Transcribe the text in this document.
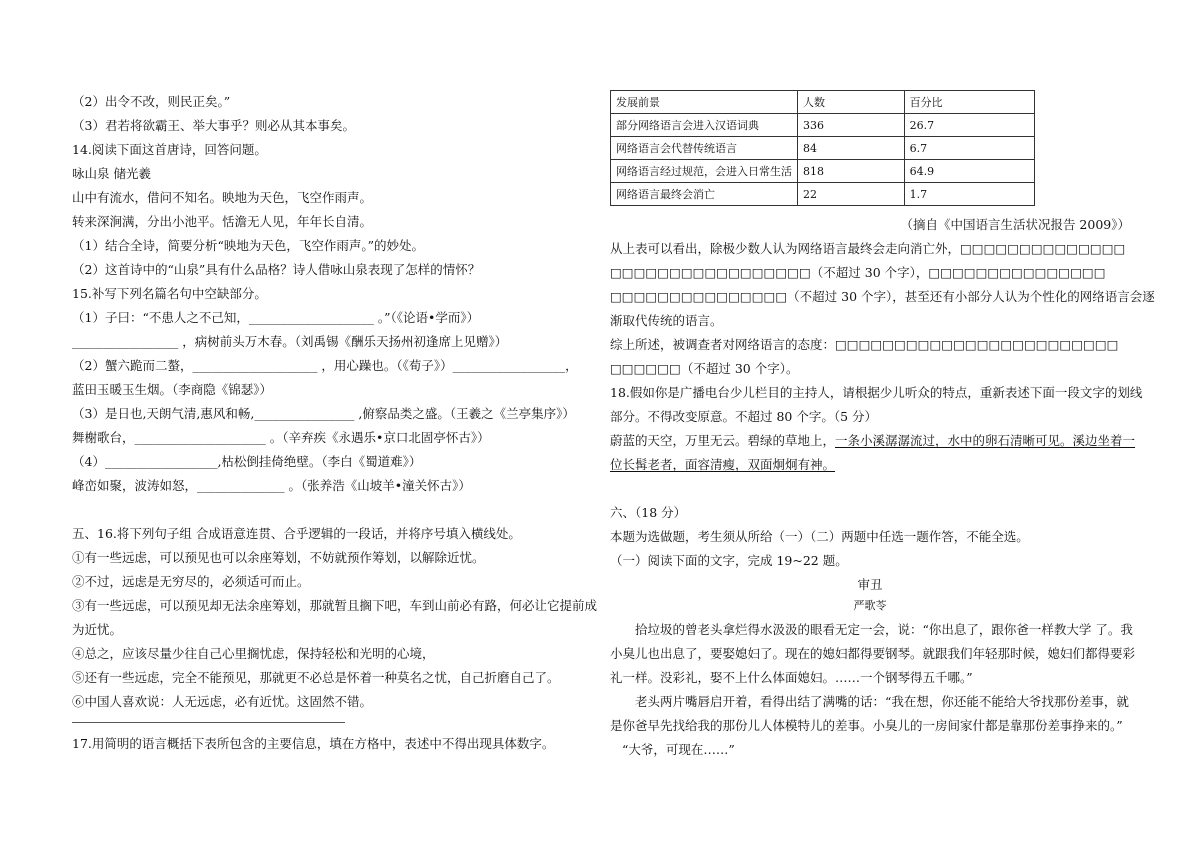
（2）出令不改，则民正矣。”
（3）君若将欲霸王、举大事乎？则必从其本事矣。
14.阅读下面这首唐诗，回答问题。
咏山泉 储光羲
山中有流水，借问不知名。映地为天色，飞空作雨声。
转来深涧满，分出小池平。恬澹无人见，年年长自清。
（1）结合全诗，简要分析“映地为天色，飞空作雨声。”的妙处。
（2）这首诗中的“山泉”具有什么品格？诗人借咏山泉表现了怎样的情怀？
15.补写下列名篇名句中空缺部分。
（1）子曰：“不患人之不己知，____________________ 。”（《论语•学而》）
_________________ ，病树前头万木春。（刘禹锡《酬乐天扬州初逢席上见赠》）
（2）蟹六跪而二螯，____________________ ，用心躁也。（《荀子》）__________________，
蓝田玉暖玉生烟。（李商隐《锦瑟》）
（3）是日也,天朗气清,惠风和畅,________________ ,俯察品类之盛。（王羲之《兰亭集序》）
舞榭歌台，_____________________ 。（辛弃疾《永遇乐•京口北固亭怀古》）
（4）__________________,枯松倒挂倚绝壁。（李白《蜀道难》）
峰峦如聚，波涛如怒，______________ 。（张养浩《山坡羊•潼关怀古》）
五、16.将下列句子组 合成语意连贯、合乎逻辑的一段话，并将序号填入横线处。
①有一些远虑，可以预见也可以余座筹划，不妨就预作筹划，以解除近忧。
②不过，远虑是无穷尽的，必须适可而止。
③有一些远虑，可以预见却无法余座筹划，那就暂且搁下吧，车到山前必有路，何必让它提前成
为近忧。
④总之，应该尽量少往自己心里搁忧虑，保持轻松和光明的心境，
⑤还有一些远虑，完全不能预见，那就更不必总是怀着一种莫名之忧，自己折磨自己了。
⑥中国人喜欢说：人无远虑，必有近忧。这固然不错。
17.用简明的语言概括下表所包含的主要信息，填在方格中，表述中不得出现具体数字。
发展前景	人数	百分比
部分网络语言会进入汉语词典	336	26.7
网络语言会代替传统语言	84	6.7
网络语言经过规范，会进入日常生活	818	64.9
网络语言最终会消亡	22	1.7
（摘自《中国语言生活状况报告 2009》）
从上表可以看出，除极少数人认为网络语言最终会走向消亡外，□□□□□□□□□□□□□□
□□□□□□□□□□□□□□□□□（不超过 30 个字），□□□□□□□□□□□□□□□
□□□□□□□□□□□□□□□（不超过 30 个字），甚至还有小部分人认为个性化的网络语言会逐
渐取代传统的语言。
综上所述，被调查者对网络语言的态度：□□□□□□□□□□□□□□□□□□□□□□□□
□□□□□□（不超过 30 个字）。
18.假如你是广播电台少儿栏目的主持人，请根据少儿听众的特点，重新表述下面一段文字的划线
部分。不得改变原意。不超过 80 个字。（5 分）
蔚蓝的天空，万里无云。碧绿的草地上，一条小溪潺潺流过，水中的卵石清晰可见。溪边坐着一
位长髯老者，面容清瘦，双面炯炯有神。
六、（18 分）
本题为选做题，考生须从所给（一）（二）两题中任选一题作答，不能全选。
（一）阅读下面的文字，完成 19~22 题。
审丑
严歌苓
拾垃圾的曾老头拿烂得水汲汲的眼看无定一会，说：“你出息了，跟你爸一样教大学 了。我
小臭儿也出息了，要娶媳妇了。现在的媳妇都得要钢琴。就跟我们年轻那时候，媳妇们都得要彩
礼一样。没彩礼，娶不上什么体面媳妇。……一个钢琴得五千哪。”
老头两片嘴唇启开着，看得出结了满嘴的话：“我在想，你还能不能给大爷找那份差事，就
是你爸早先找给我的那份儿人体模特儿的差事。小臭儿的一房间家什都是靠那份差事挣来的。”
“大爷，可现在……”
